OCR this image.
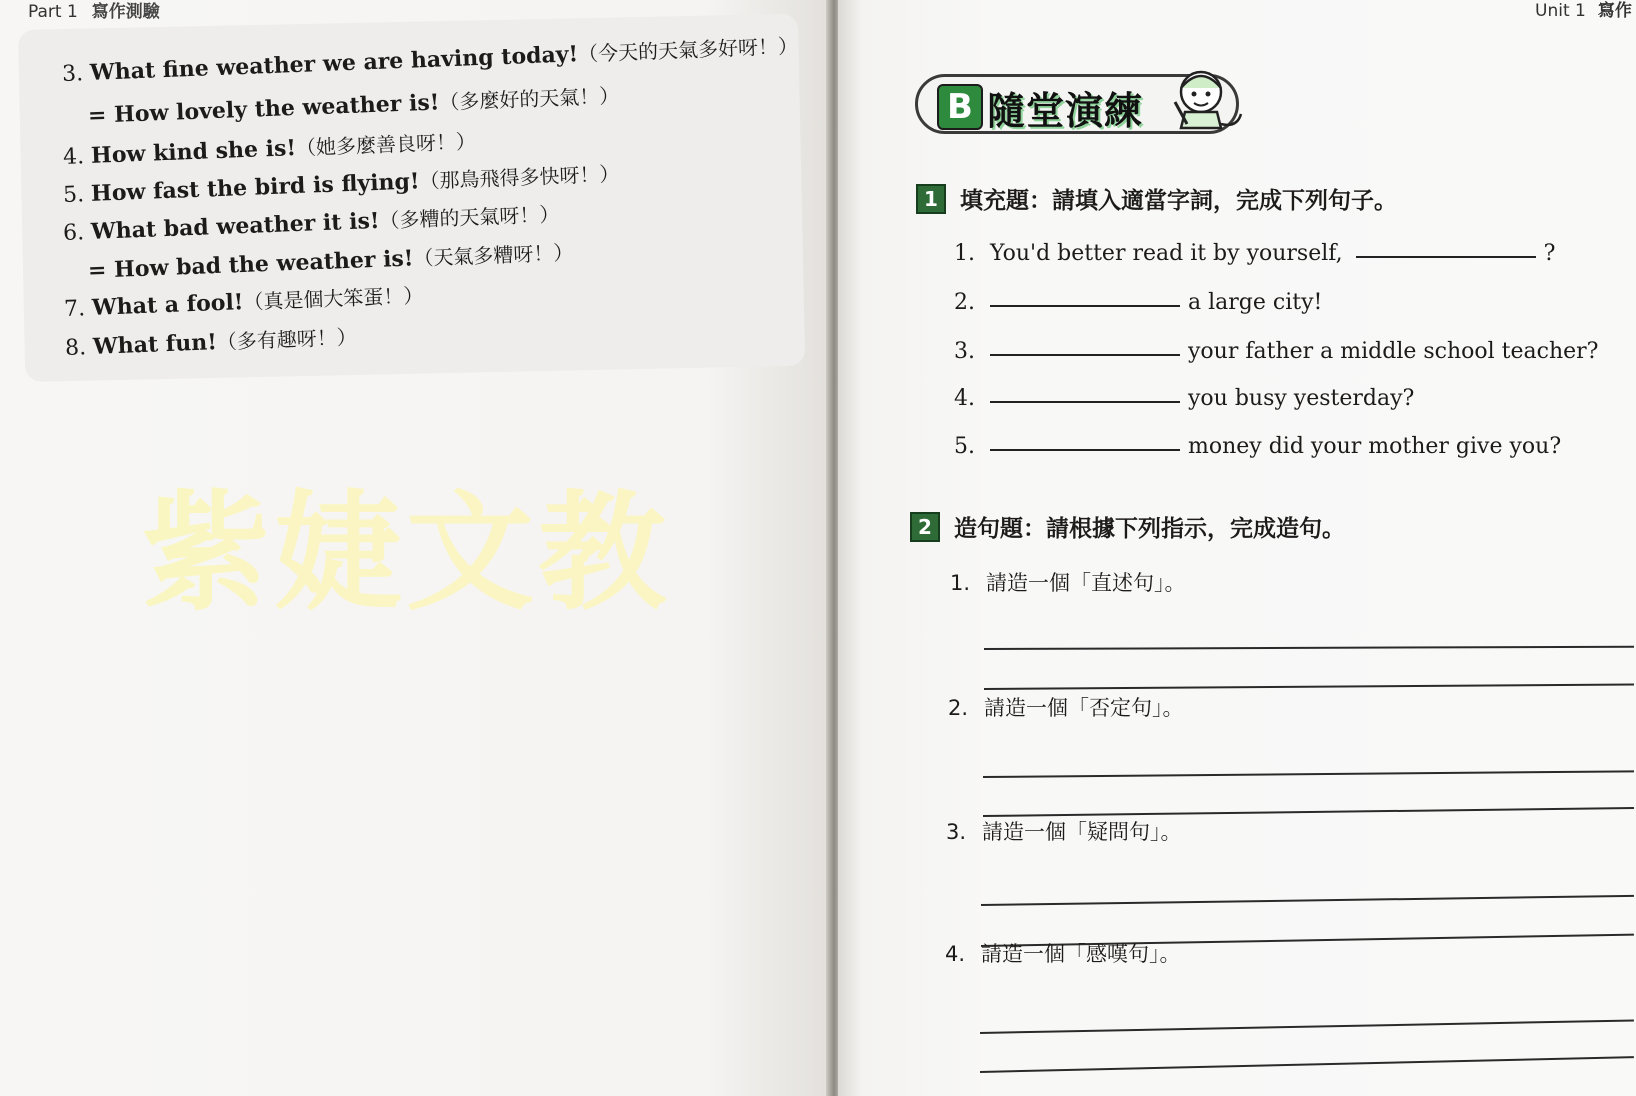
Part 1 寫作測驗
3. What fine weather we are having today!（今天的天氣多好呀！）
= How lovely the weather is!（多麼好的天氣！）
4. How kind she is!（她多麼善良呀！）
5. How fast the bird is flying!（那鳥飛得多快呀！）
6. What bad weather it is!（多糟的天氣呀！）
= How bad the weather is!（天氣多糟呀！）
7. What a fool!（真是個大笨蛋！）
8. What fun!（多有趣呀！）
紫婕文教
Unit 1 寫作
B 隨堂演練
1 填充題：請填入適當字詞，完成下列句子。
1. You'd better read it by yourself,	?
2.	a large city!
3.	your father a middle school teacher?
4.	you busy yesterday?
5.	money did your mother give you?
2 造句題：請根據下列指示，完成造句。
1. 請造一個「直述句」。
2. 請造一個「否定句」。
3. 請造一個「疑問句」。
4. 請造一個「感嘆句」。
